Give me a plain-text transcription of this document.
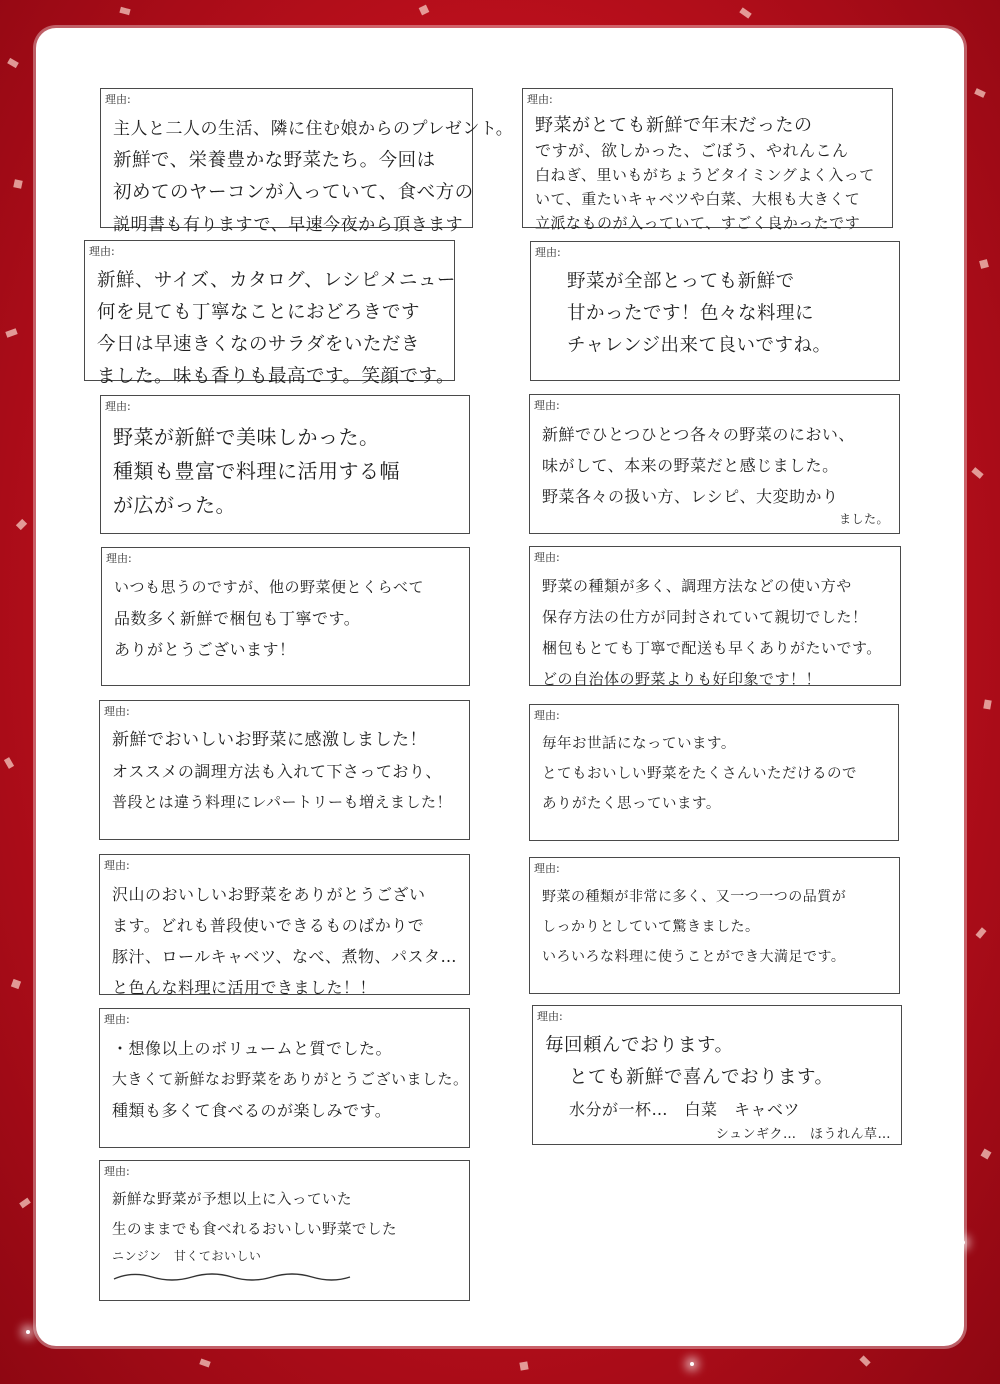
理由:
主人と二人の生活、隣に住む娘からのプレゼント。
新鮮で、栄養豊かな野菜たち。今回は
初めてのヤーコンが入っていて、食べ方の
説明書も有りますで、早速今夜から頂きます
理由:
新鮮、サイズ、カタログ、レシピメニュー
何を見ても丁寧なことにおどろきです
今日は早速きくなのサラダをいただき
ました。味も香りも最高です。笑顔です。
理由:
野菜が新鮮で美味しかった。
種類も豊富で料理に活用する幅
が広がった。
理由:
いつも思うのですが、他の野菜便とくらべて
品数多く新鮮で梱包も丁寧です。
ありがとうございます！
理由:
新鮮でおいしいお野菜に感激しました！
オススメの調理方法も入れて下さっており、
普段とは違う料理にレパートリーも増えました！
理由:
沢山のおいしいお野菜をありがとうござい
ます。どれも普段使いできるものばかりで
豚汁、ロールキャベツ、なべ、煮物、パスタ…
と色んな料理に活用できました！！
理由:
・想像以上のボリュームと質でした。
大きくて新鮮なお野菜をありがとうございました。
種類も多くて食べるのが楽しみです。
理由:
新鮮な野菜が予想以上に入っていた
生のままでも食べれるおいしい野菜でした
ニンジン　甘くておいしい
理由:
野菜がとても新鮮で年末だったの
ですが、欲しかった、ごぼう、やれんこん
白ねぎ、里いもがちょうどタイミングよく入って
いて、重たいキャベツや白菜、大根も大きくて
立派なものが入っていて、すごく良かったです
理由:
野菜が全部とっても新鮮で
甘かったです！色々な料理に
チャレンジ出来て良いですね。
理由:
新鮮でひとつひとつ各々の野菜のにおい、
味がして、本来の野菜だと感じました。
野菜各々の扱い方、レシピ、大変助かり
ました。
理由:
野菜の種類が多く、調理方法などの使い方や
保存方法の仕方が同封されていて親切でした！
梱包もとても丁寧で配送も早くありがたいです。
どの自治体の野菜よりも好印象です！！
理由:
毎年お世話になっています。
とてもおいしい野菜をたくさんいただけるので
ありがたく思っています。
理由:
野菜の種類が非常に多く、又一つ一つの品質が
しっかりとしていて驚きました。
いろいろな料理に使うことができ大満足です。
理由:
毎回頼んでおります。
とても新鮮で喜んでおります。
水分が一杯…　白菜　キャベツ
シュンギク…　ほうれん草…
